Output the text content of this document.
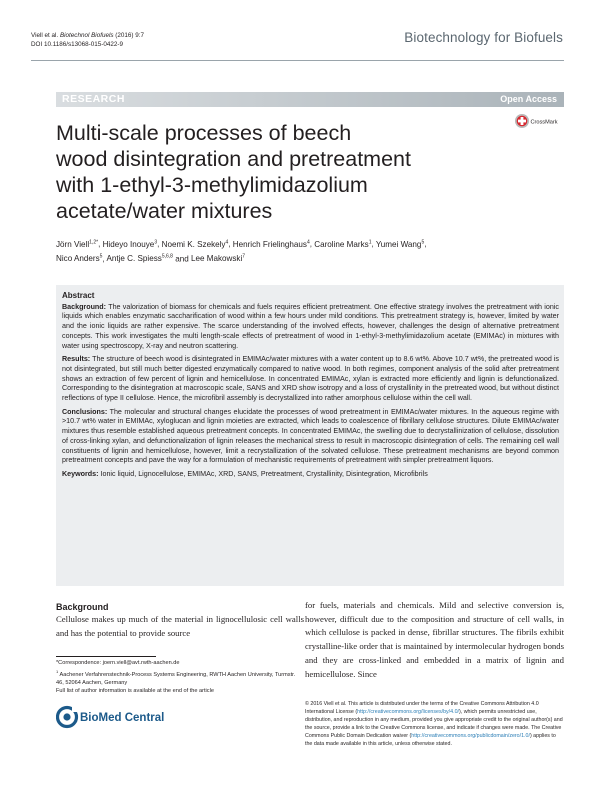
Viell et al. Biotechnol Biofuels (2016) 9:7
DOI 10.1186/s13068-015-0422-9	Biotechnology for Biofuels
RESEARCH	Open Access
Multi-scale processes of beech
wood disintegration and pretreatment
with 1-ethyl-3-methylimidazolium
acetate/water mixtures
CrossMark
Jörn Viell$^{1,2*}$, Hideyo Inouye$^3$, Noemi K. Szekely$^4$, Henrich Frielinghaus$^4$, Caroline Marks$^1$, Yumei Wang$^5$,
Nico Anders$^5$, Antje C. Spiess$^{5,6,8}$ and Lee Makowski$^7$
Abstract

Background: The valorization of biomass for chemicals and fuels requires efficient pretreatment. One effective strategy involves the pretreatment with ionic liquids which enables enzymatic saccharification of wood within a few hours under mild conditions. This pretreatment strategy is, however, limited by water and the ionic liquids are rather expensive. The scarce understanding of the involved effects, however, challenges the design of alternative pretreatment concepts. This work investigates the multi length-scale effects of pretreatment of wood in 1-ethyl-3-methylimidazolium acetate (EMIMAc) in mixtures with water using spectroscopy, X-ray and neutron scattering.

Results: The structure of beech wood is disintegrated in EMIMAc/water mixtures with a water content up to 8.6 wt%. Above 10.7 wt%, the pretreated wood is not disintegrated, but still much better digested enzymatically compared to native wood. In both regimes, component analysis of the solid after pretreatment shows an extraction of few percent of lignin and hemicellulose. In concentrated EMIMAc, xylan is extracted more efficiently and lignin is defunctionalized. Corresponding to the disintegration at macroscopic scale, SANS and XRD show isotropy and a loss of crystallinity in the pretreated wood, but without distinct reflections of type II cellulose. Hence, the microfibril assembly is decrystallized into rather amorphous cellulose within the cell wall.

Conclusions: The molecular and structural changes elucidate the processes of wood pretreatment in EMIMAc/water mixtures. In the aqueous regime with >10.7 wt% water in EMIMAc, xyloglucan and lignin moieties are extracted, which leads to coalescence of fibrillary cellulose structures. Dilute EMIMAc/water mixtures thus resemble established aqueous pretreatment concepts. In concentrated EMIMAc, the swelling due to decrystallinization of cellulose, dissolution of cross-linking xylan, and defunctionalization of lignin releases the mechanical stress to result in macroscopic disintegration of cells. The remaining cell wall constituents of lignin and hemicellulose, however, limit a recrystallization of the solvated cellulose. These pretreatment mechanisms are beyond common pretreatment concepts and pave the way for a formulation of mechanistic requirements of pretreatment with simpler pretreatment liquors.

Keywords: Ionic liquid, Lignocellulose, EMIMAc, XRD, SANS, Pretreatment, Crystallinity, Disintegration, Microfibrils

Background
Cellulose makes up much of the material in lignocellulosic cell walls and has the potential to provide source
for fuels, materials and chemicals. Mild and selective conversion is, however, difficult due to the composition and structure of cell walls, in which cellulose is packed in dense, fibrillar structures. The fibrils exhibit crystalline-like order that is maintained by intermolecular hydrogen bonds and they are cross-linked and embedded in a matrix of lignin and hemicellulose. Since
*Correspondence: joern.viell@avt.rwth-aachen.de
$^1$ Aachener Verfahrenstechnik-Process Systems Engineering, RWTH Aachen University, Turmstr. 46, 52064 Aachen, Germany
Full list of author information is available at the end of the article
BioMed Central
© 2016 Viell et al. This article is distributed under the terms of the Creative Commons Attribution 4.0 International License (http://creativecommons.org/licenses/by/4.0/), which permits unrestricted use, distribution, and reproduction in any medium, provided you give appropriate credit to the original author(s) and the source, provide a link to the Creative Commons license, and indicate if changes were made. The Creative Commons Public Domain Dedication waiver (http://creativecommons.org/publicdomain/zero/1.0/) applies to the data made available in this article, unless otherwise stated.
